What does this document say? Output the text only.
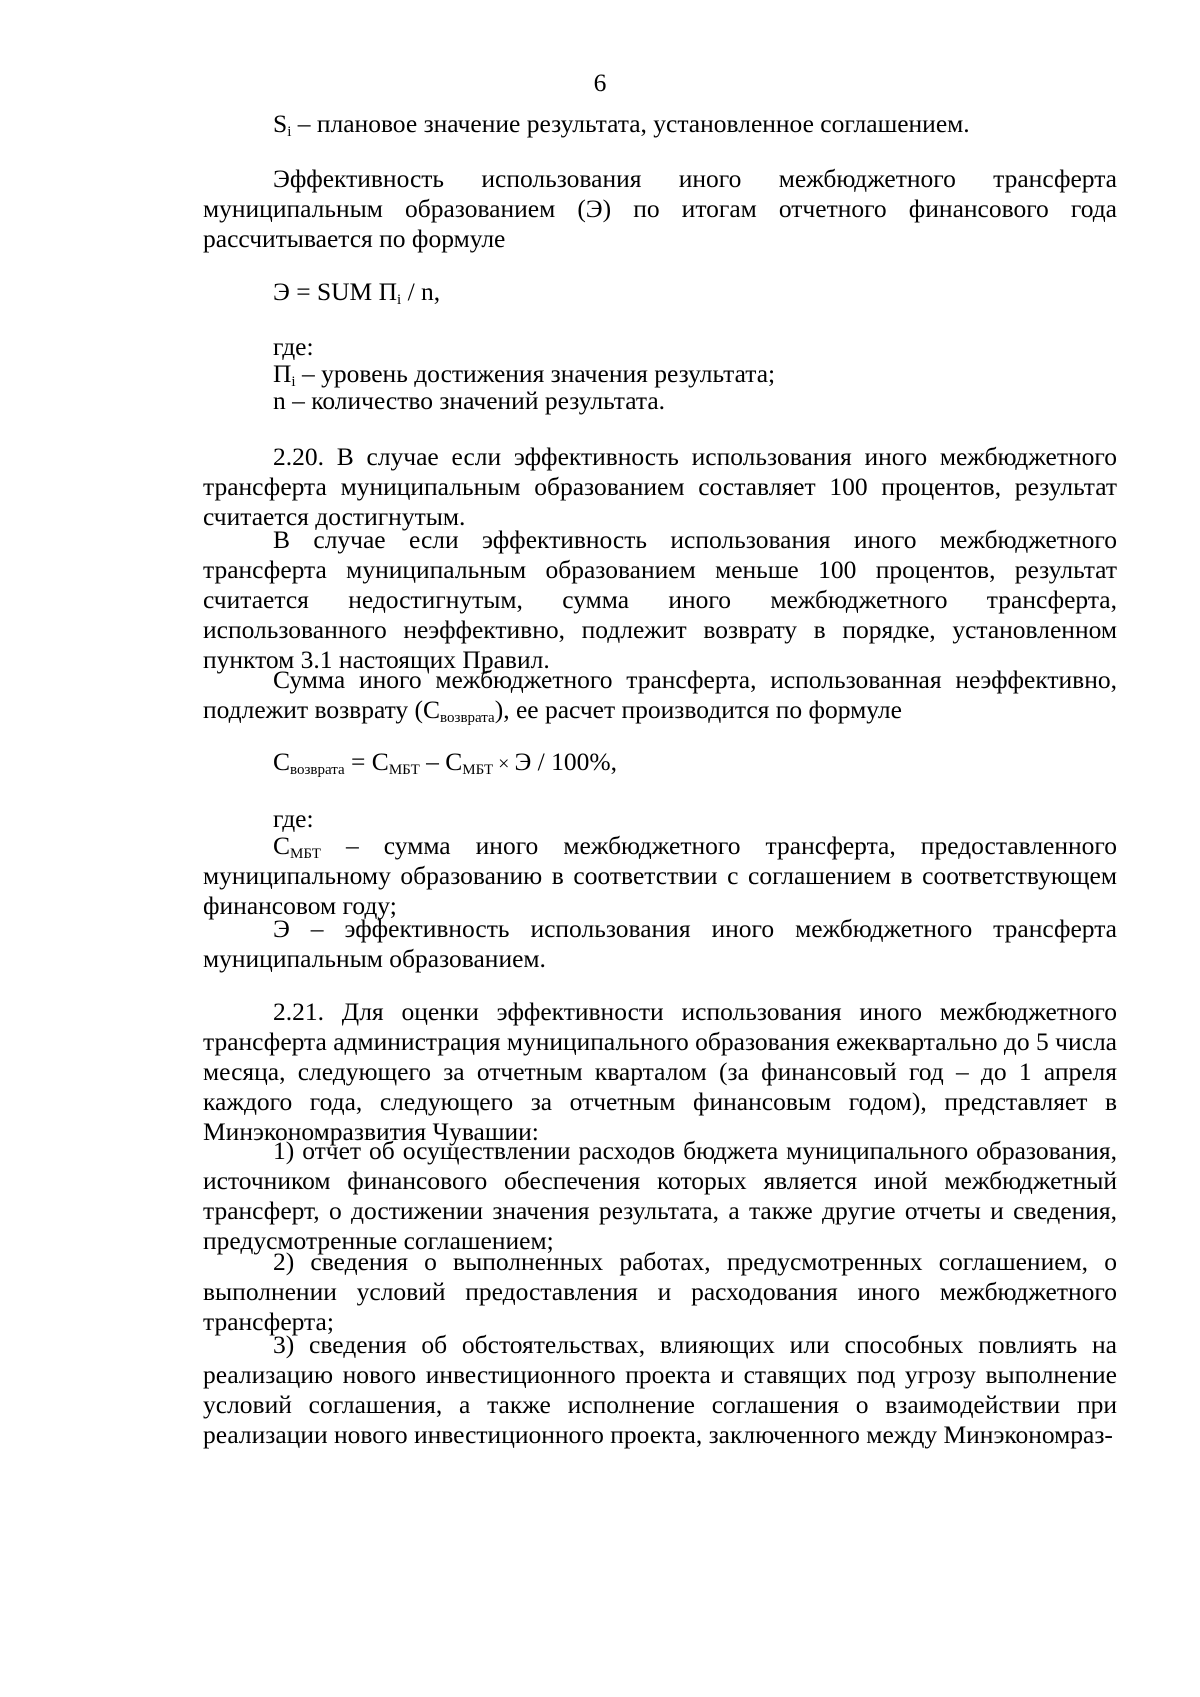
6

$S_i$ – плановое значение результата, установленное соглашением.

Эффективность использования иного межбюджетного трансферта муниципальным образованием (Э) по итогам отчетного финансового года рассчитывается по формуле

Э = SUM $П_i$ / n,

где:

$П_i$ – уровень достижения значения результата;

n – количество значений результата.

2.20. В случае если эффективность использования иного межбюджетного трансферта муниципальным образованием составляет 100 процентов, результат считается достигнутым.

В случае если эффективность использования иного межбюджетного трансферта муниципальным образованием меньше 100 процентов, результат считается недостигнутым, сумма иного межбюджетного трансферта, использованного неэффективно, подлежит возврату в порядке, установленном пунктом 3.1 настоящих Правил.

Сумма иного межбюджетного трансферта, использованная неэффективно, подлежит возврату $(С_{возврата})$, ее расчет производится по формуле

$С_{возврата} = С_{МБТ} - С_{МБТ} \times Э / 100\%$,

где:

$С_{МБТ}$ – сумма иного межбюджетного трансферта, предоставленного муниципальному образованию в соответствии с соглашением в соответствующем финансовом году;

Э – эффективность использования иного межбюджетного трансферта муниципальным образованием.

2.21. Для оценки эффективности использования иного межбюджетного трансферта администрация муниципального образования ежеквартально до 5 числа месяца, следующего за отчетным кварталом (за финансовый год – до 1 апреля каждого года, следующего за отчетным финансовым годом), представляет в Минэкономразвития Чувашии:

1) отчет об осуществлении расходов бюджета муниципального образования, источником финансового обеспечения которых является иной межбюджетный трансферт, о достижении значения результата, а также другие отчеты и сведения, предусмотренные соглашением;

2) сведения о выполненных работах, предусмотренных соглашением, о выполнении условий предоставления и расходования иного межбюджетного трансферта;

3) сведения об обстоятельствах, влияющих или способных повлиять на реализацию нового инвестиционного проекта и ставящих под угрозу выполнение условий соглашения, а также исполнение соглашения о взаимодействии при реализации нового инвестиционного проекта, заключенного между Минэкономраз-
